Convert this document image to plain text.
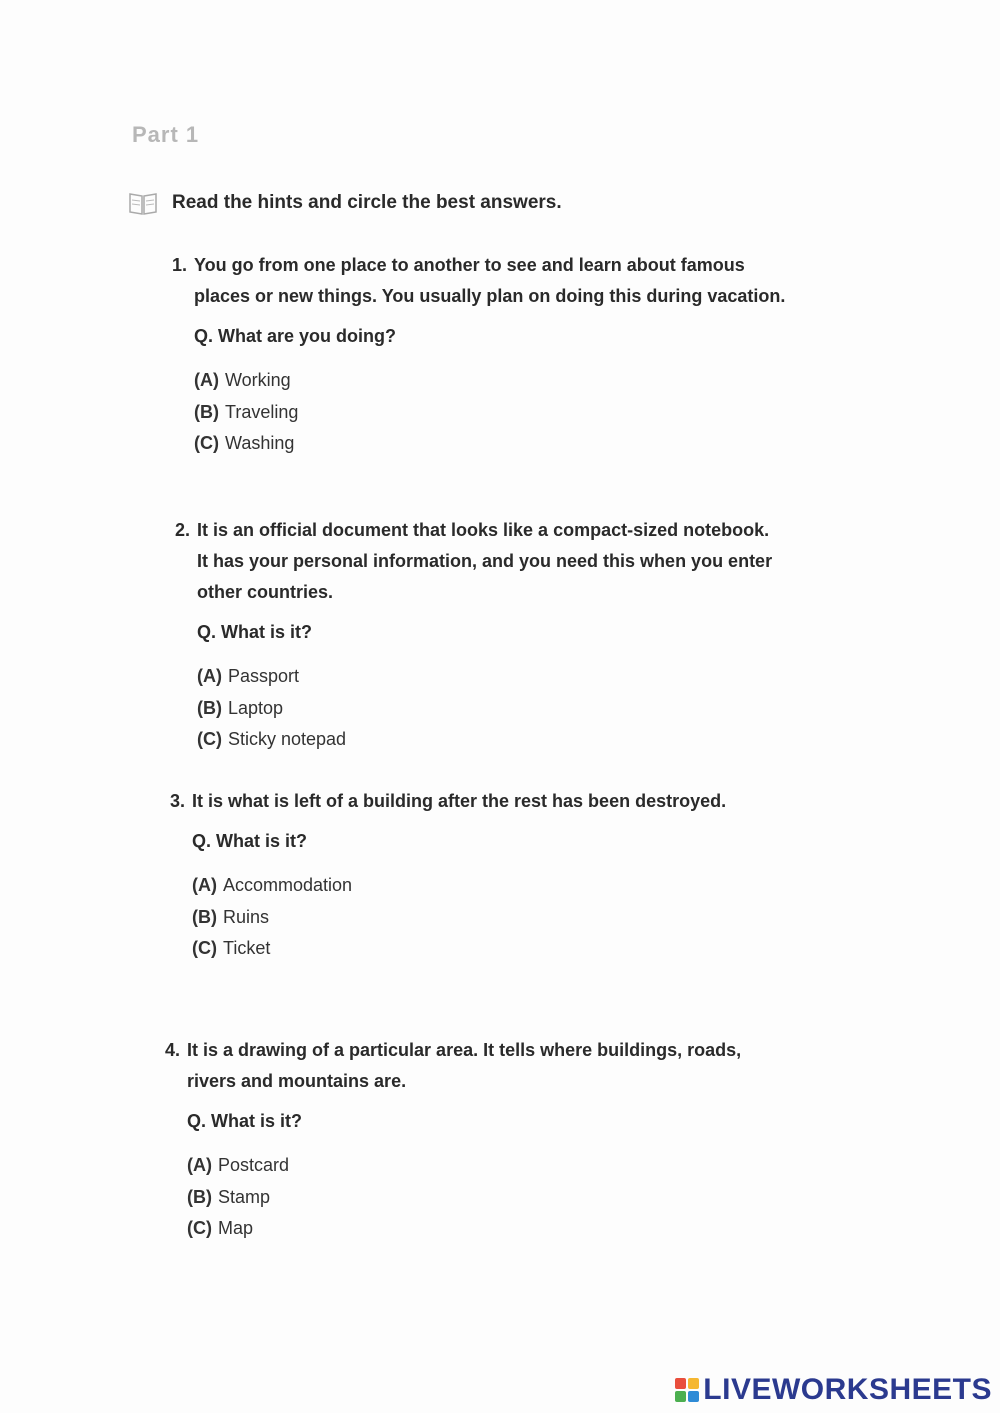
Part 1
Read the hints and circle the best answers.
1. You go from one place to another to see and learn about famous
places or new things. You usually plan on doing this during vacation.
Q. What are you doing?
(A) Working
(B) Traveling
(C) Washing
2. It is an official document that looks like a compact-sized notebook.
It has your personal information, and you need this when you enter
other countries.
Q. What is it?
(A) Passport
(B) Laptop
(C) Sticky notepad
3. It is what is left of a building after the rest has been destroyed.
Q. What is it?
(A) Accommodation
(B) Ruins
(C) Ticket
4. It is a drawing of a particular area. It tells where buildings, roads,
rivers and mountains are.
Q. What is it?
(A) Postcard
(B) Stamp
(C) Map
LIVEWORKSHEETS
